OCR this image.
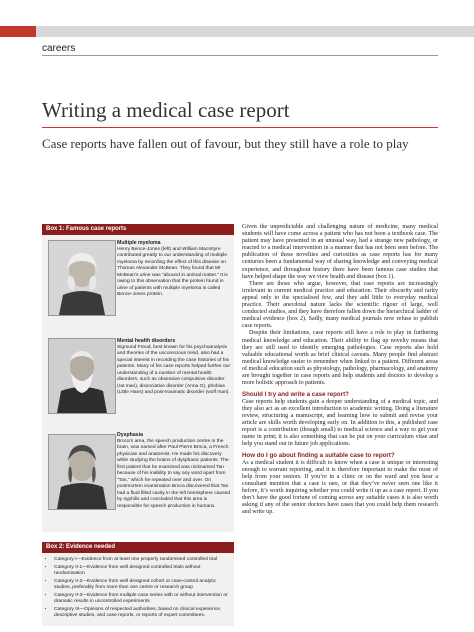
careers
Writing a medical case report
Case reports have fallen out of favour, but they still have a role to play
Box 1: Famous case reports
Multiple myeloma
Henry Bence-Jones (left) and William MacIntyre contributed greatly to our understanding of multiple myeloma by recording the effect of this disease on Thomas Alexander McBean. They found that Mr McBean’s urine was “abound in animal matter.” It is owing to this observation that the protein found in urine of patients with multiple myeloma is called Bence-Jones protein.
Mental health disorders
Sigmund Freud, best known for his psychoanalysis and theories of the unconscious mind, also had a special interest in recording the case histories of his patients. Many of his case reports helped further our understanding of a number of mental health disorders, such as obsessive compulsive disorder (rat man), dissociative disorder (Anna O), phobias (Little Hans) and post-traumatic disorder (wolf man).
Dysphasia
Broca’s area, the speech production centre in the brain, was named after Paul Pierre Broca, a French physician and anatomist. He made his discovery while studying the brains of dysphasic patients. The first patient that he examined was nicknamed Tan because of his inability to say any word apart from “Tan,” which he repeated over and over. On postmortem examination Broca discovered that Tan had a fluid filled cavity in the left hemisphere caused by syphilis and concluded that this area is responsible for speech production in humans.
Box 2: Evidence needed
• Category I—Evidence from at least one properly randomised controlled trial
• Category II-1—Evidence from well designed controlled trials without randomisation
• Category II-2—Evidence from well designed cohort or case-control analytic studies, preferably from more than one centre or research group
• Category II-3—Evidence from multiple case series with or without intervention or dramatic results in uncontrolled experiments
• Category III—Opinions of respected authorities, based on clinical experience, descriptive studies, and case reports, or reports of expert committees.

Given the unpredictable and challenging nature of medicine, many medical students will have come across a patient who has not been a textbook case. The patient may have presented in an unusual way, had a strange new pathology, or reacted to a medical intervention in a manner that has not been seen before. The publication of these novelties and curiosities as case reports has for many centuries been a fundamental way of sharing knowledge and conveying medical experience, and throughout history there have been famous case studies that have helped shape the way we view health and disease (box 1).

There are those who argue, however, that case reports are increasingly irrelevant in current medical practice and education. Their obscurity and rarity appeal only to the specialised few, and they add little to everyday medical practice. Their anecdotal nature lacks the scientific rigour of large, well conducted studies, and they have therefore fallen down the hierarchical ladder of medical evidence (box 2). Sadly, many medical journals now refuse to publish case reports.

Despite their limitations, case reports still have a role to play in furthering medical knowledge and education. Their ability to flag up novelty means that they are still used to identify emerging pathologies. Case reports also hold valuable educational worth as brief clinical caveats. Many people find abstract medical knowledge easier to remember when linked to a patient. Different areas of medical education such as physiology, pathology, pharmacology, and anatomy are brought together in case reports and help students and doctors to develop a more holistic approach to patients.

Should I try and write a case report?

Case reports help students gain a deeper understanding of a medical topic, and they also act as an excellent introduction to academic writing. Doing a literature review, structuring a manuscript, and learning how to submit and revise your article are skills worth developing early on. In addition to this, a published case report is a contribution (though small) to medical science and a way to get your name in print; it is also something that can be put on your curriculum vitae and help you stand out in future job applications.

How do I go about finding a suitable case to report?

As a medical student it is difficult to know when a case is unique or interesting enough to warrant reporting, and it is therefore important to make the most of help from your seniors. If you’re in a clinic or on the ward and you hear a consultant mention that a case is rare, or that they’ve never seen one like it before, it’s worth inquiring whether you could write it up as a case report. If you don’t have the good fortune of coming across any suitable cases it is also worth asking if any of the senior doctors have cases that you could help them research and write up.
